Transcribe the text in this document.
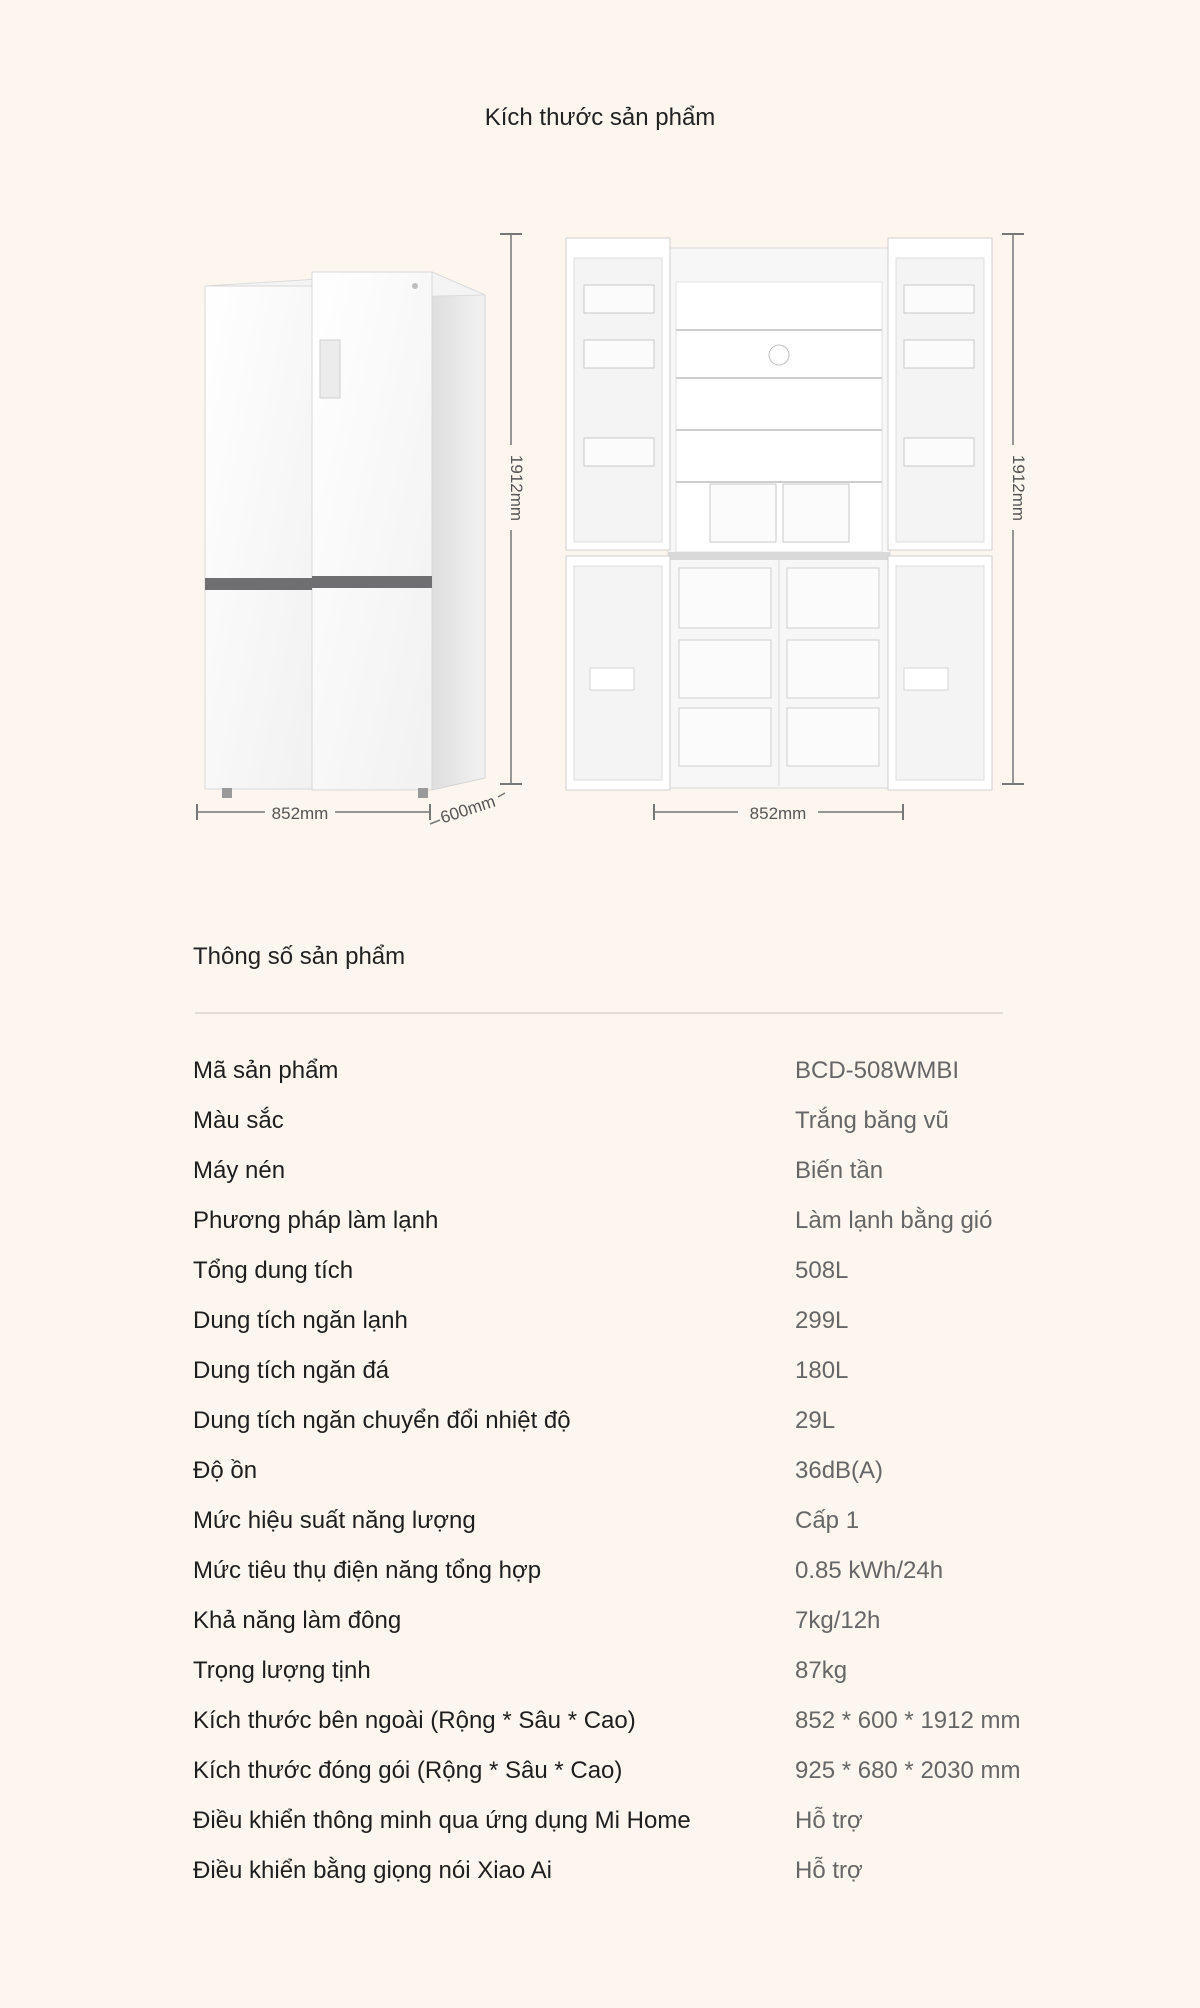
Kích thước sản phẩm
852mm	600mm
1912mm
852mm
1912mm
Thông số sản phẩm
Mã sản phẩm	BCD-508WMBI
Màu sắc	Trắng băng vũ
Máy nén	Biến tần
Phương pháp làm lạnh	Làm lạnh bằng gió
Tổng dung tích	508L
Dung tích ngăn lạnh	299L
Dung tích ngăn đá	180L
Dung tích ngăn chuyển đổi nhiệt độ	29L
Độ ồn	36dB(A)
Mức hiệu suất năng lượng	Cấp 1
Mức tiêu thụ điện năng tổng hợp	0.85 kWh/24h
Khả năng làm đông	7kg/12h
Trọng lượng tịnh	87kg
Kích thước bên ngoài (Rộng * Sâu * Cao)	852 * 600 * 1912 mm
Kích thước đóng gói (Rộng * Sâu * Cao)	925 * 680 * 2030 mm
Điều khiển thông minh qua ứng dụng Mi Home	Hỗ trợ
Điều khiển bằng giọng nói Xiao Ai	Hỗ trợ
